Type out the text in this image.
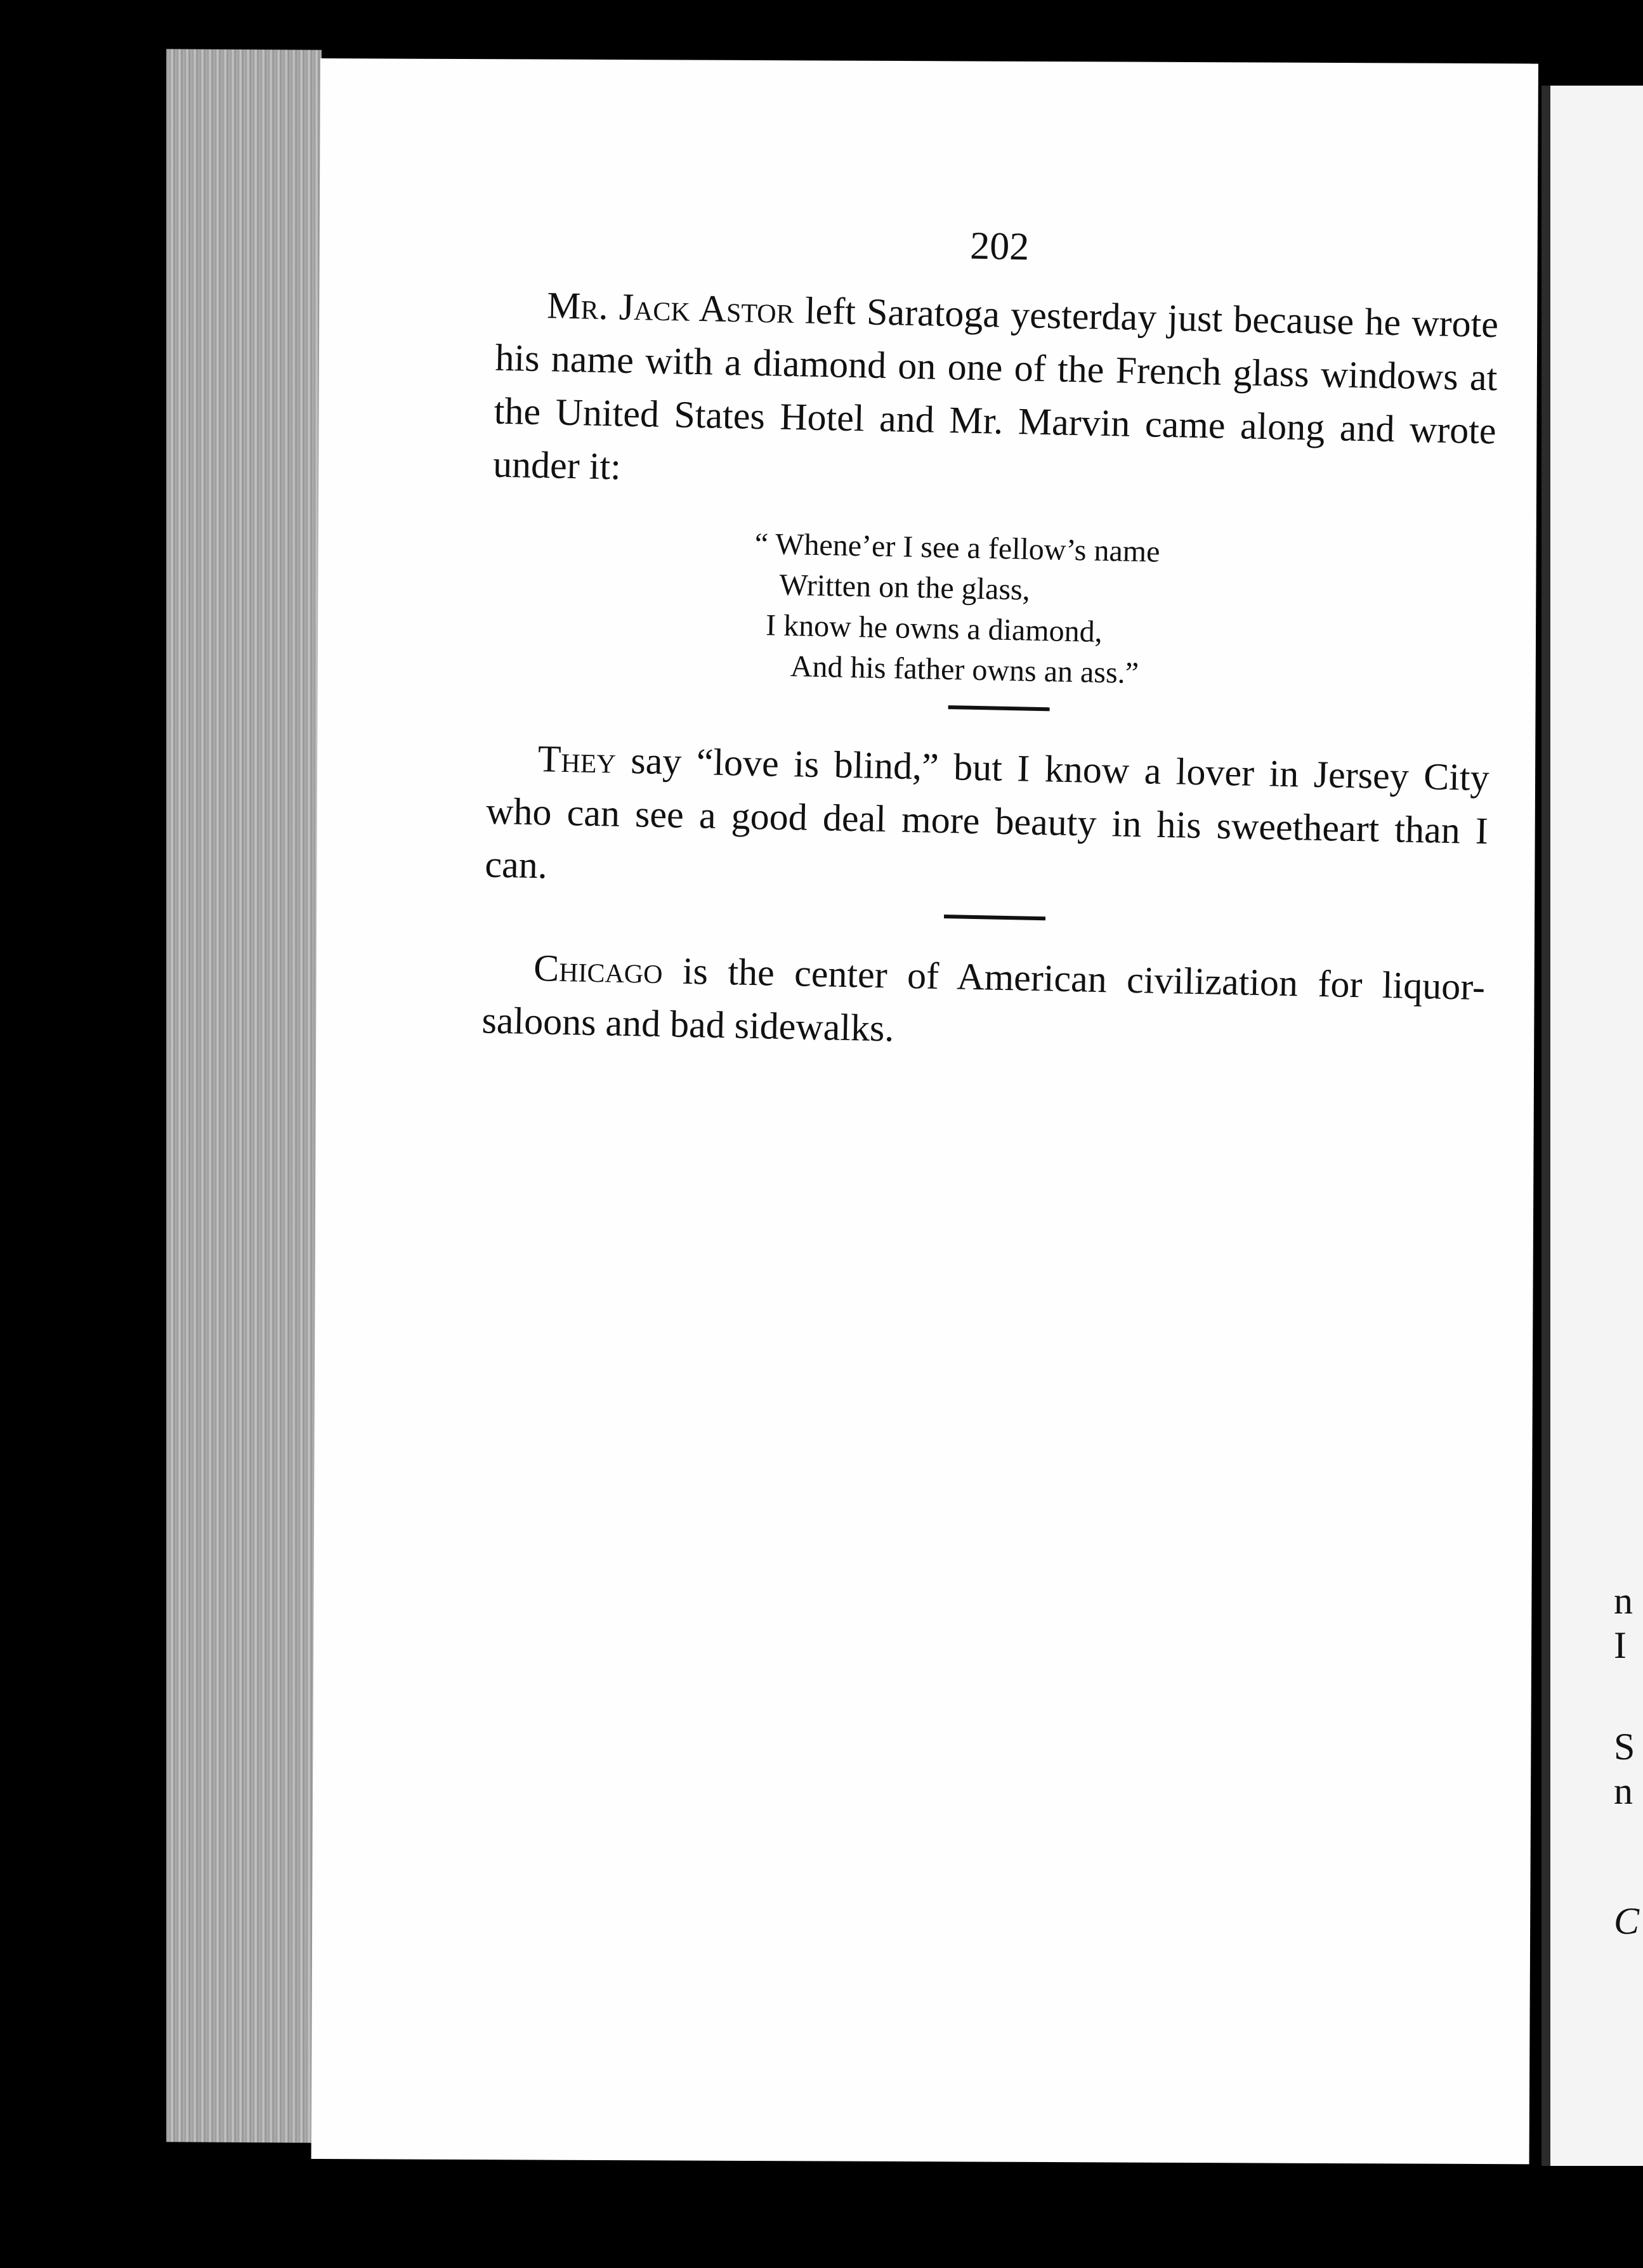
n
I
S
n
C
202

Mr. Jack Astor left Saratoga yesterday just because he wrote his name with a diamond on one of the French glass windows at the United States Hotel and Mr. Marvin came along and wrote under it:

“ Whene’er I see a fellow’s name
Written on the glass,
I know he owns a diamond,
And his father owns an ass.”

They say “love is blind,” but I know a lover in Jersey City who can see a good deal more beauty in his sweetheart than I can.

Chicago is the center of American civilization for liquor-saloons and bad sidewalks.
